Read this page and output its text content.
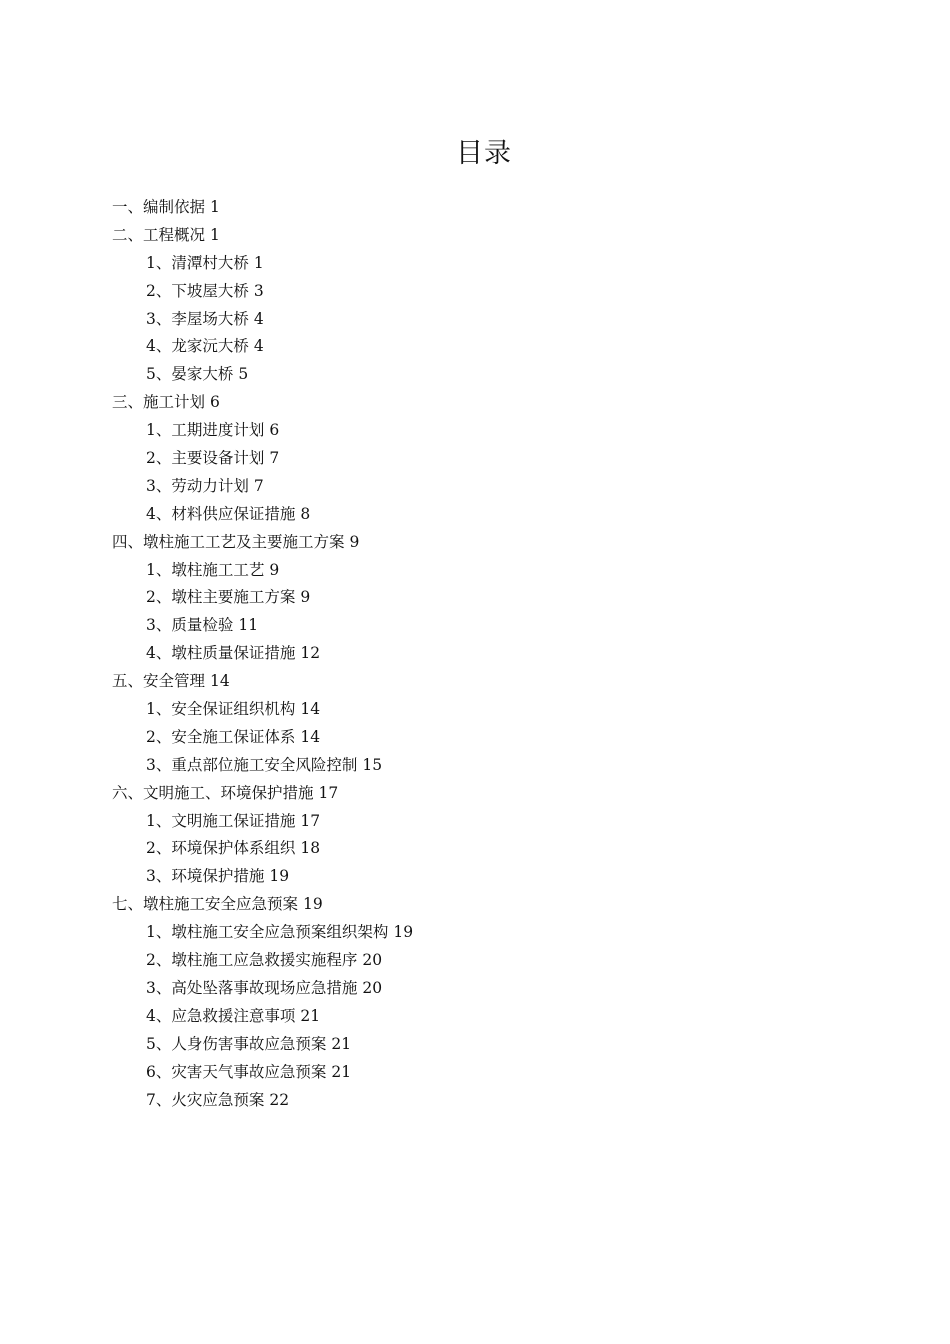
目录
一、编制依据 1
二、工程概况 1
1、清潭村大桥 1
2、下坡屋大桥 3
3、李屋场大桥 4
4、龙家沅大桥 4
5、晏家大桥 5
三、施工计划 6
1、工期进度计划 6
2、主要设备计划 7
3、劳动力计划 7
4、材料供应保证措施 8
四、墩柱施工工艺及主要施工方案 9
1、墩柱施工工艺 9
2、墩柱主要施工方案 9
3、质量检验 11
4、墩柱质量保证措施 12
五、安全管理 14
1、安全保证组织机构 14
2、安全施工保证体系 14
3、重点部位施工安全风险控制 15
六、文明施工、环境保护措施 17
1、文明施工保证措施 17
2、环境保护体系组织 18
3、环境保护措施 19
七、墩柱施工安全应急预案 19
1、墩柱施工安全应急预案组织架构 19
2、墩柱施工应急救援实施程序 20
3、高处坠落事故现场应急措施 20
4、应急救援注意事项 21
5、人身伤害事故应急预案 21
6、灾害天气事故应急预案 21
7、火灾应急预案 22
